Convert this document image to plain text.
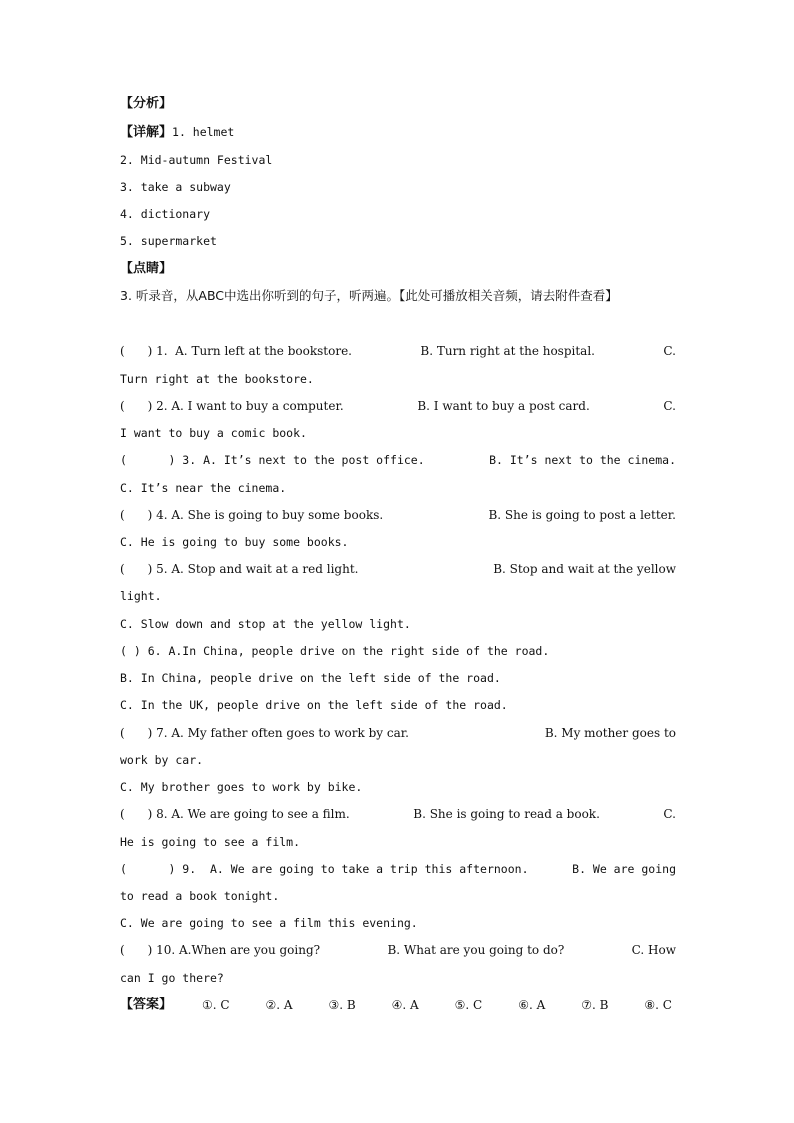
【分析】
【详解】1. helmet
2. Mid-autumn Festival
3. take a subway
4. dictionary
5. supermarket
【点睛】
3. 听录音，从ABC中选出你听到的句子，听两遍。【此处可播放相关音频，请去附件查看】
(      ) 1.  A. Turn left at the bookstore.	B. Turn right at the hospital.	C.
Turn right at the bookstore.
(      ) 2. A. I want to buy a computer.	B. I want to buy a post card.	C.
I want to buy a comic book.
(      ) 3. A. It’s next to the post office.	B. It’s next to the cinema.
C. It’s near the cinema.
(      ) 4. A. She is going to buy some books.	B. She is going to post a letter.
C. He is going to buy some books.
(      ) 5. A. Stop and wait at a red light.	B. Stop and wait at the yellow
light.
C. Slow down and stop at the yellow light.
( ) 6. A.In China, people drive on the right side of the road.
B. In China, people drive on the left side of the road.
C. In the UK, people drive on the left side of the road.
(      ) 7. A. My father often goes to work by car.	B. My mother goes to
work by car.
C. My brother goes to work by bike.
(      ) 8. A. We are going to see a film.	B. She is going to read a book.	C.
He is going to see a film.
(      ) 9.  A. We are going to take a trip this afternoon.	B. We are going
to read a book tonight.
C. We are going to see a film this evening.
(      ) 10. A.When are you going?	B. What are you going to do?	C. How
can I go there?
【答案】	①. C	②. A	③. B	④. A	⑤. C	⑥. A	⑦. B	⑧. C
